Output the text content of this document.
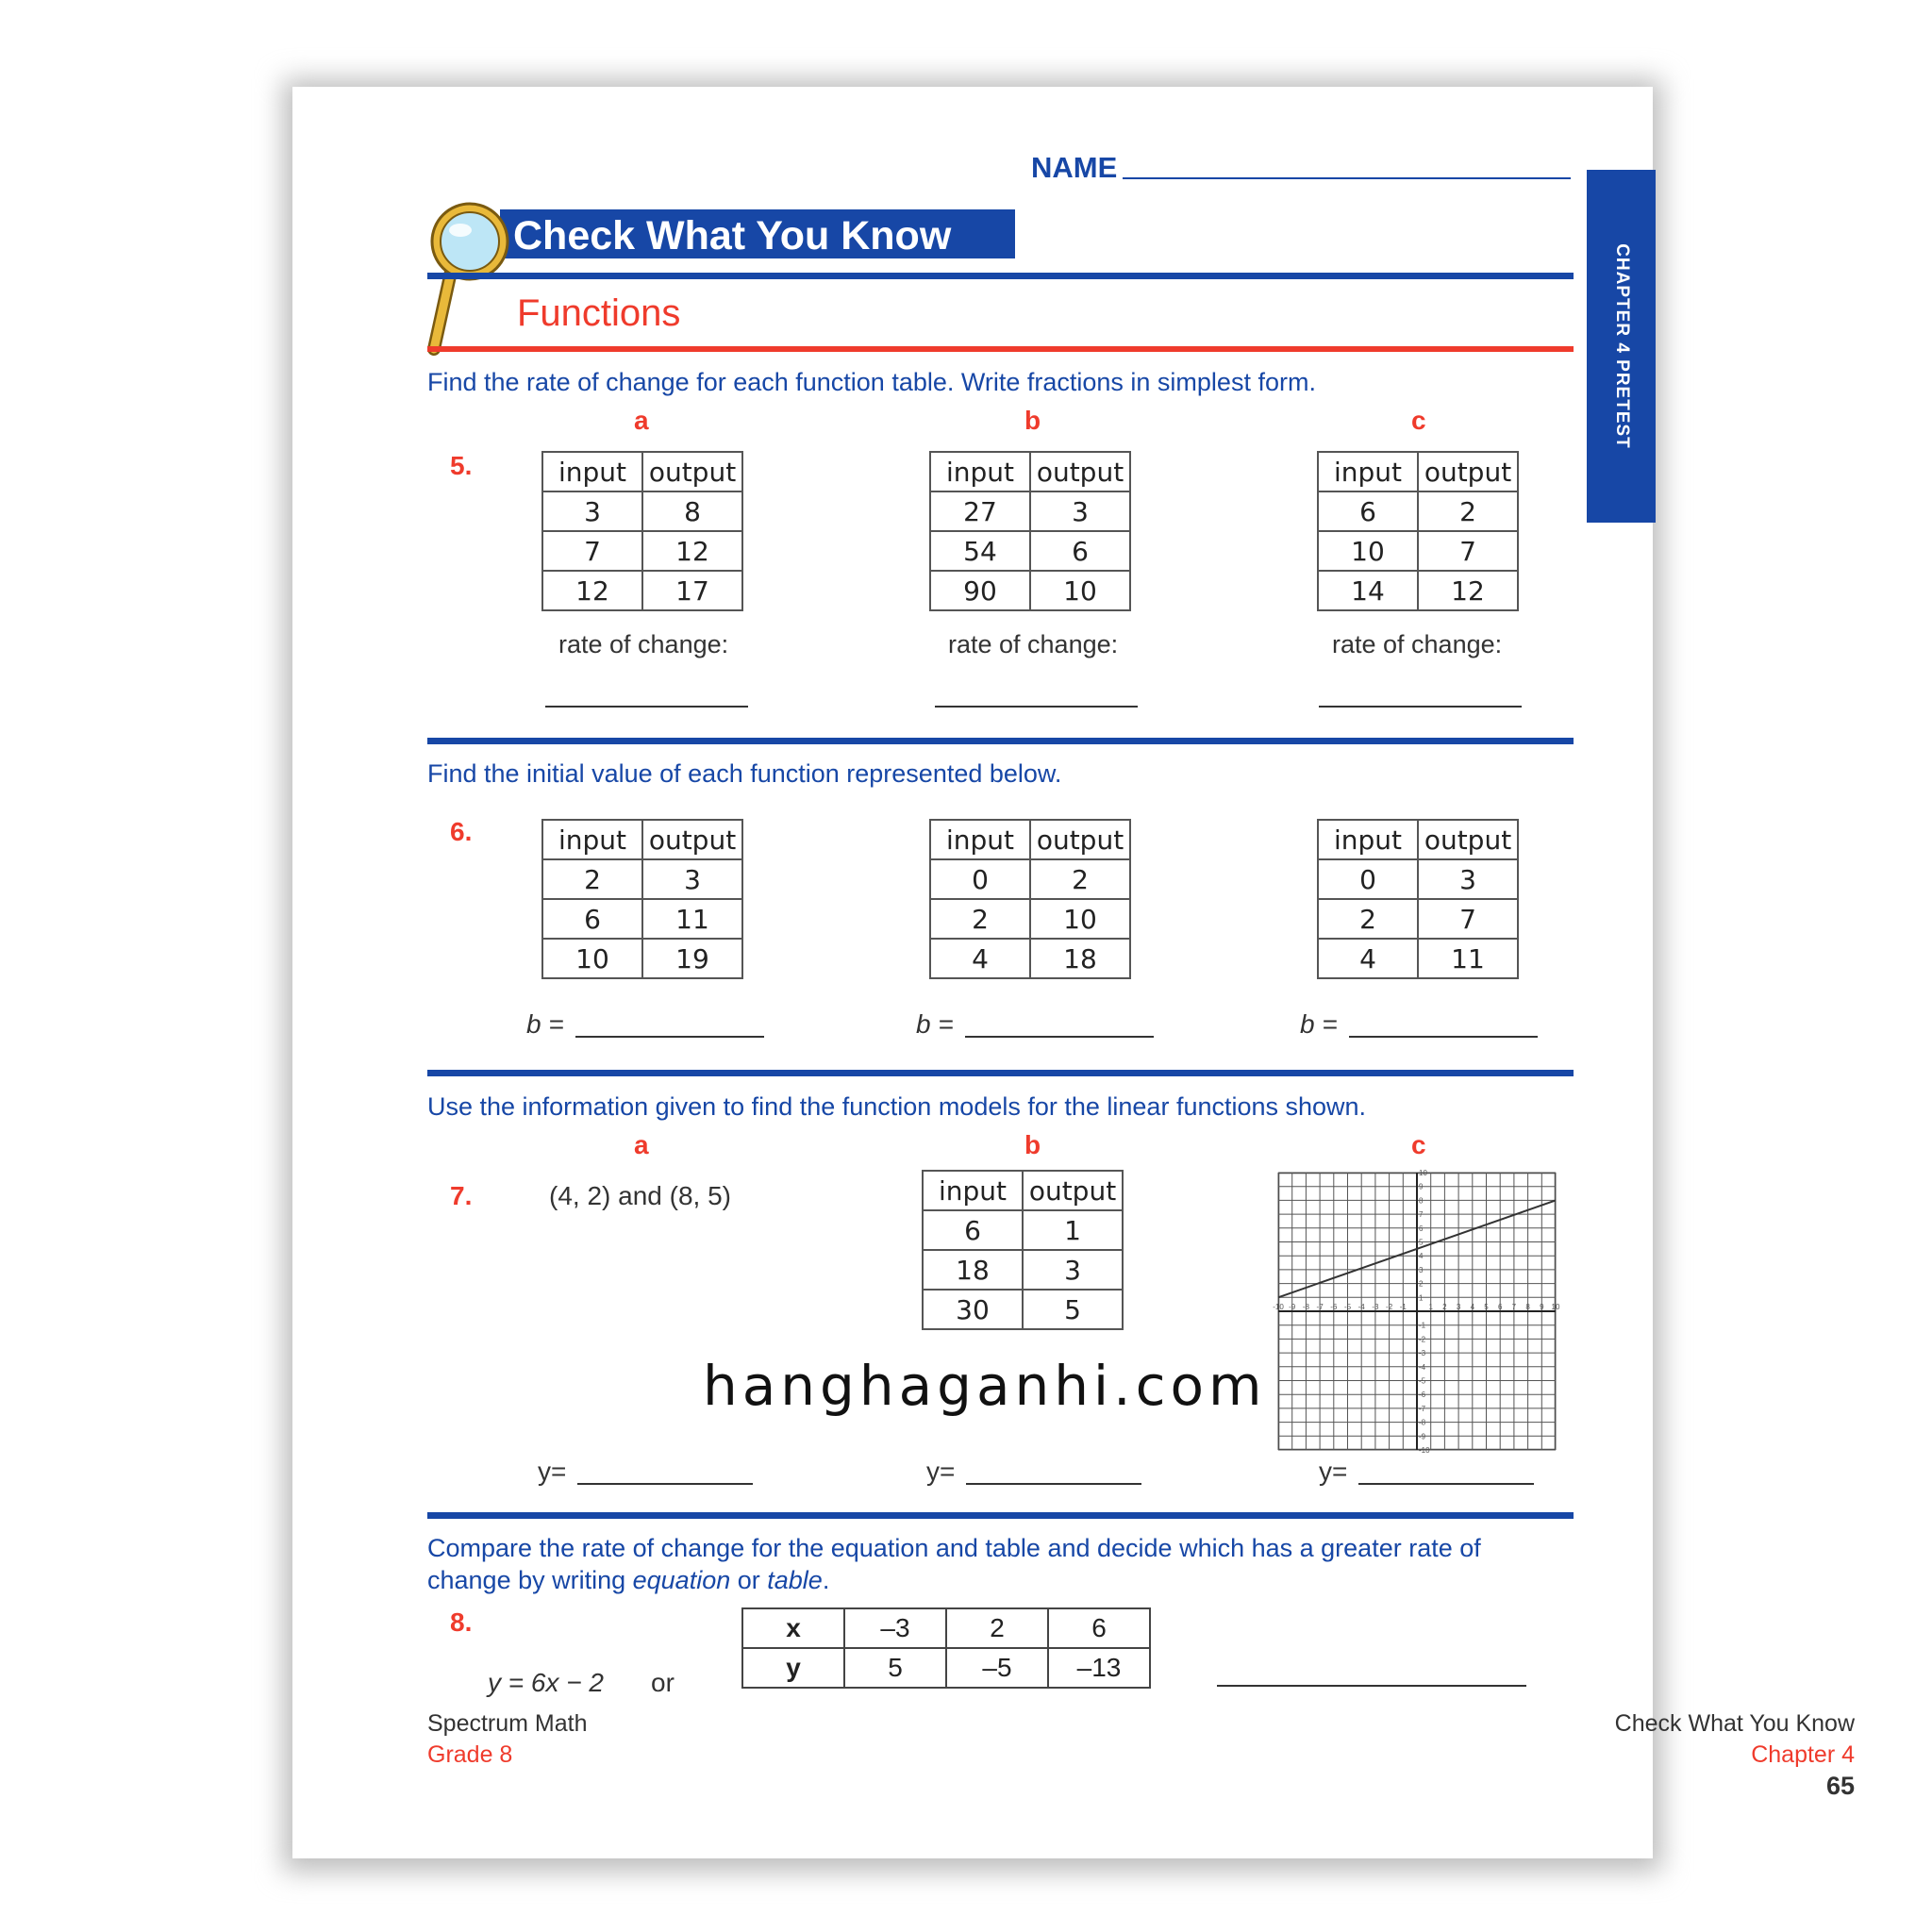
NAME
Check What You Know
Functions	CHAPTER 4 PRETEST
Find the rate of change for each function table. Write fractions in simplest form.
a	b	c
5.	input	output
3	8
7	12
12	17
input	output
27	3
54	6
90	10
input	output
6	2
10	7
14	12
rate of change:	rate of change:	rate of change:
Find the initial value of each function represented below.
6.	input	output
2	3
6	11
10	19
input	output
0	2
2	10
4	18
input	output
0	3
2	7
4	11
b =	b =	b =
Use the information given to find the function models for the linear functions shown.
a	b	c
7.	(4, 2) and (8, 5)	input	output
6	1
18	3
30	5	-10 -9 -8 -7 -6 -5 -4 -3 -2 -1	1 2 3 4 5 6 7 8 9 10
10
9
8
7
6
5
4
3
2
1
-1
-2
-3
-4
-5
-6
-7
-8
-9
-10
y=	y=	y=
Compare the rate of change for the equation and table and decide which has a greater rate of
change by writing equation or table.
8.
y = 6x − 2 or
x	–3	2	6
y	5	–5	–13
Spectrum Math
Grade 8
Check What You Know
Chapter 4
65
hanghaganhi.com
